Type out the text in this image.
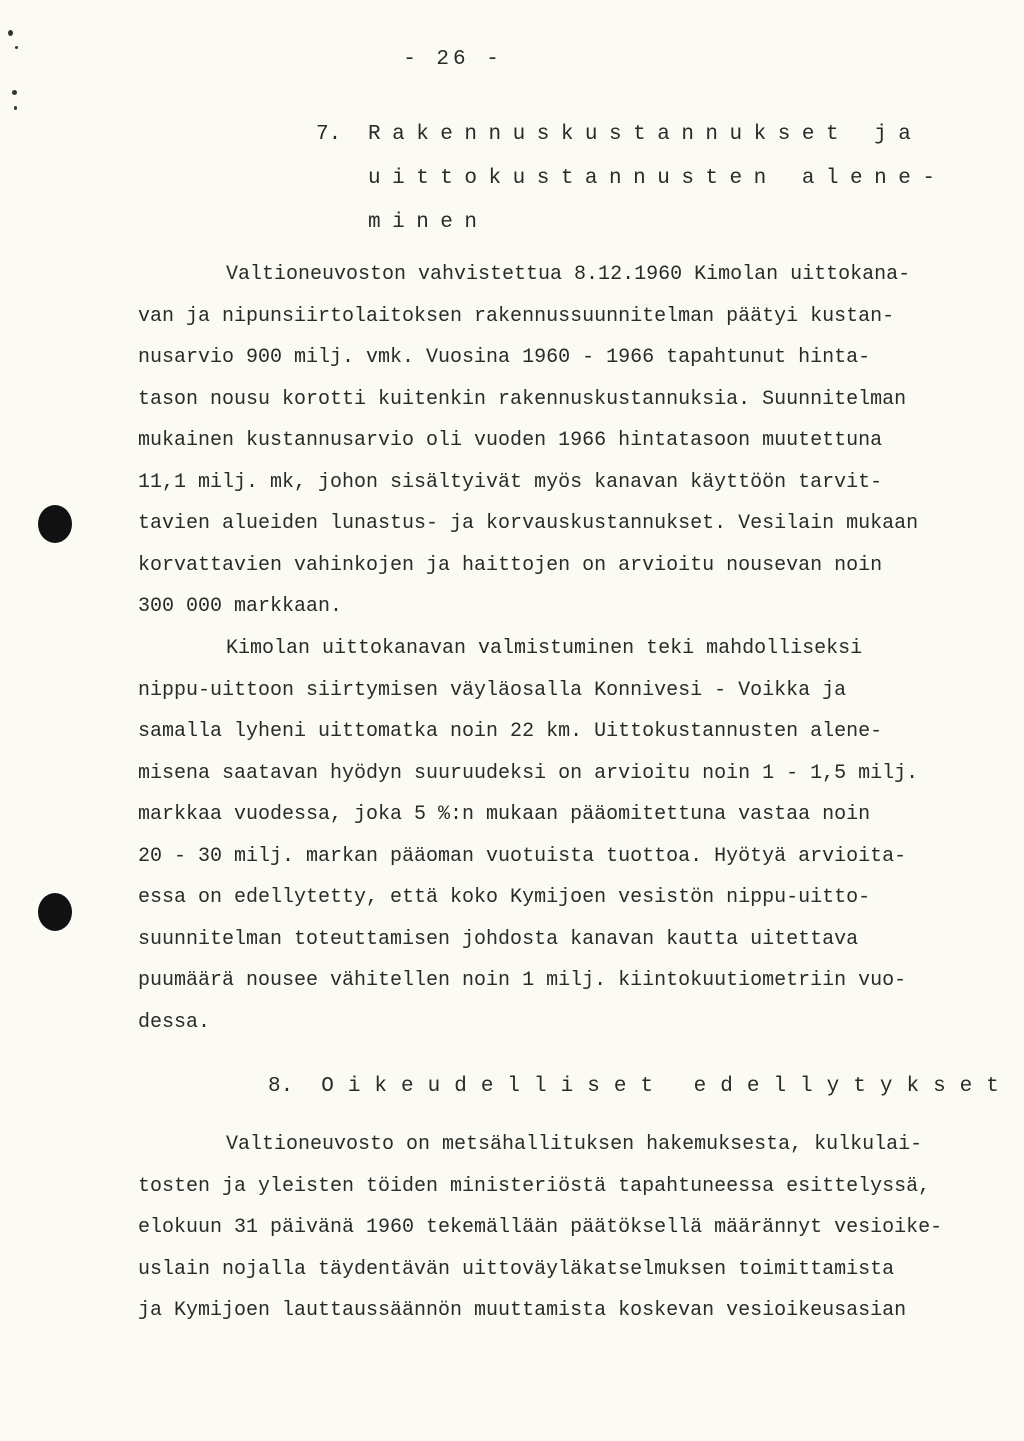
- 26 -
7. Rakennuskustannukset ja
uittokustannusten alene-
minen
Valtioneuvoston vahvistettua 8.12.1960 Kimolan uittokana-
van ja nipunsiirtolaitoksen rakennussuunnitelman päätyi kustan-
nusarvio 900 milj. vmk. Vuosina 1960 - 1966 tapahtunut hinta-
tason nousu korotti kuitenkin rakennuskustannuksia. Suunnitelman
mukainen kustannusarvio oli vuoden 1966 hintatasoon muutettuna
11,1 milj. mk, johon sisältyivät myös kanavan käyttöön tarvit-
tavien alueiden lunastus- ja korvauskustannukset. Vesilain mukaan
korvattavien vahinkojen ja haittojen on arvioitu nousevan noin
300 000 markkaan.
Kimolan uittokanavan valmistuminen teki mahdolliseksi
nippu-uittoon siirtymisen väyläosalla Konnivesi - Voikka ja
samalla lyheni uittomatka noin 22 km. Uittokustannusten alene-
misena saatavan hyödyn suuruudeksi on arvioitu noin 1 - 1,5 milj.
markkaa vuodessa, joka 5 %:n mukaan pääomitettuna vastaa noin
20 - 30 milj. markan pääoman vuotuista tuottoa. Hyötyä arvioita-
essa on edellytetty, että koko Kymijoen vesistön nippu-uitto-
suunnitelman toteuttamisen johdosta kanavan kautta uitettava
puumäärä nousee vähitellen noin 1 milj. kiintokuutiometriin vuo-
dessa.
8. Oikeudelliset edellytykset
Valtioneuvosto on metsähallituksen hakemuksesta, kulkulai-
tosten ja yleisten töiden ministeriöstä tapahtuneessa esittelyssä,
elokuun 31 päivänä 1960 tekemällään päätöksellä määrännyt vesioike-
uslain nojalla täydentävän uittoväyläkatselmuksen toimittamista
ja Kymijoen lauttaussäännön muuttamista koskevan vesioikeusasian
